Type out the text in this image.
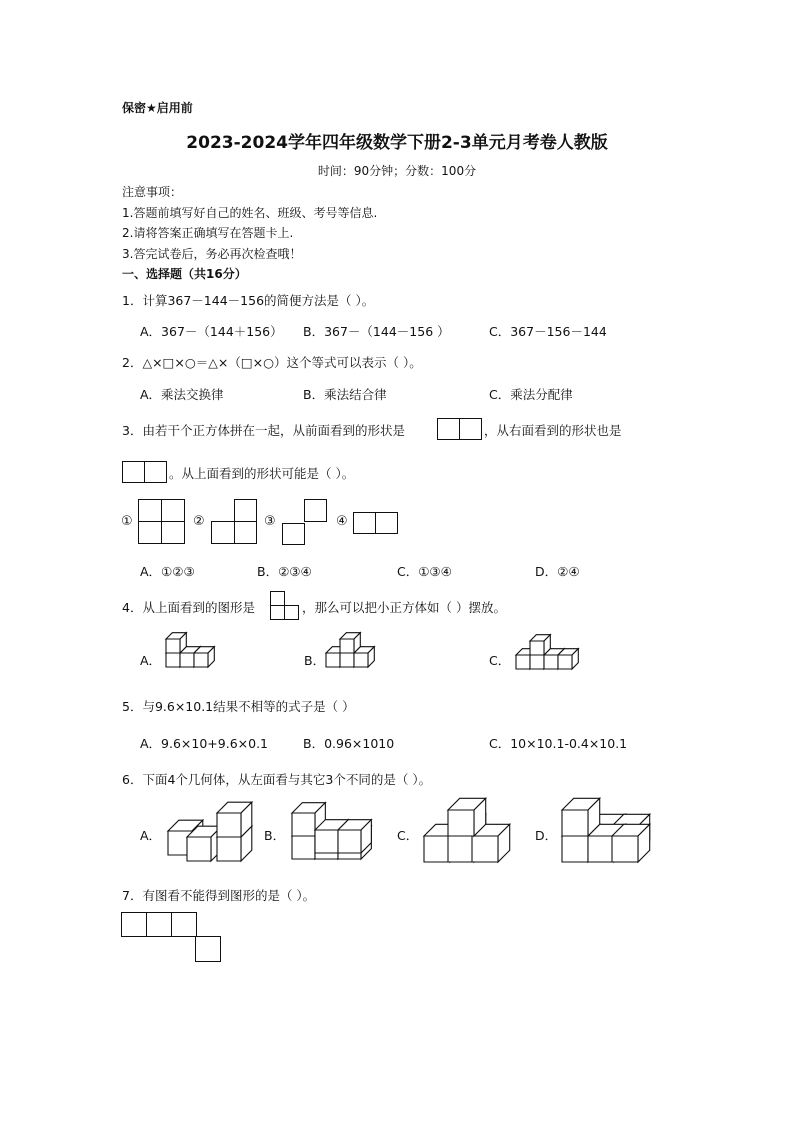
保密★启用前
2023-2024学年四年级数学下册2-3单元月考卷人教版
时间：90分钟；分数：100分
注意事项：
1.答题前填写好自己的姓名、班级、考号等信息.
2.请将答案正确填写在答题卡上.
3.答完试卷后，务必再次检查哦！
一、选择题（共16分）
1．计算367－144－156的简便方法是（ ）。
A．367－（144＋156） B．367－（144－156 ）	C．367－156－144
2．△×□×○＝△×（□×○）这个等式可以表示（ ）。
A．乘法交换律	B．乘法结合律	C．乘法分配律
3．由若干个正方体拼在一起，从前面看到的形状是	，从右面看到的形状也是
。从上面看到的形状可能是（ ）。
①	②	③	④
A．①②③	B．②③④	C．①③④	D．②④
4．从上面看到的图形是	，那么可以把小正方体如（ ）摆放。
A．	B．	C．
5．与9.6×10.1结果不相等的式子是（ ）
A．9.6×10+9.6×0.1	B．0.96×1010	C．10×10.1-0.4×10.1
6．下面4个几何体，从左面看与其它3个不同的是（ ）。
A．	B．	C．	D．
7．有图看不能得到图形的是（ ）。
